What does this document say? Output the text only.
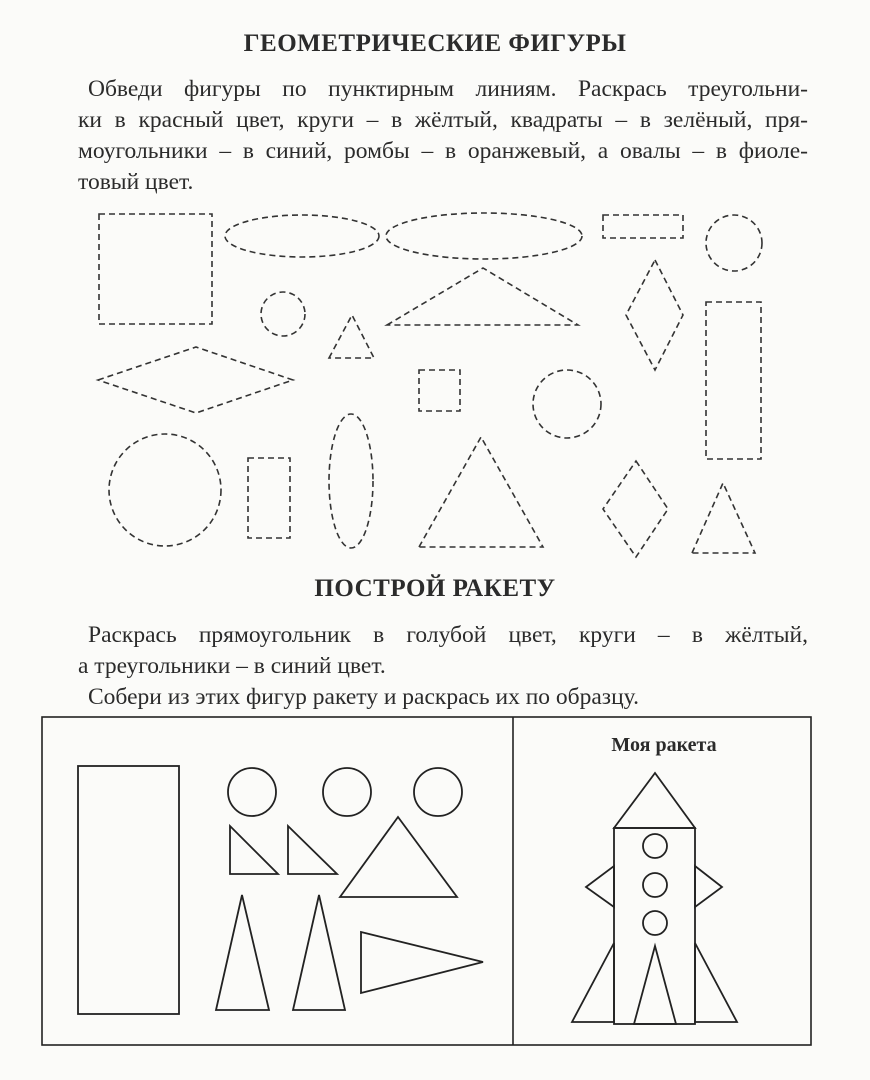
ГЕОМЕТРИЧЕСКИЕ ФИГУРЫ
Обведи фигуры по пунктирным линиям. Раскрась треугольни-
ки в красный цвет, круги – в жёлтый, квадраты – в зелёный, пря-
моугольники – в синий, ромбы – в оранжевый, а овалы – в фиоле-
товый цвет.
ПОСТРОЙ РАКЕТУ
Раскрась прямоугольник в голубой цвет, круги – в жёлтый,
а треугольники – в синий цвет.
Собери из этих фигур ракету и раскрась их по образцу.
Моя ракета
